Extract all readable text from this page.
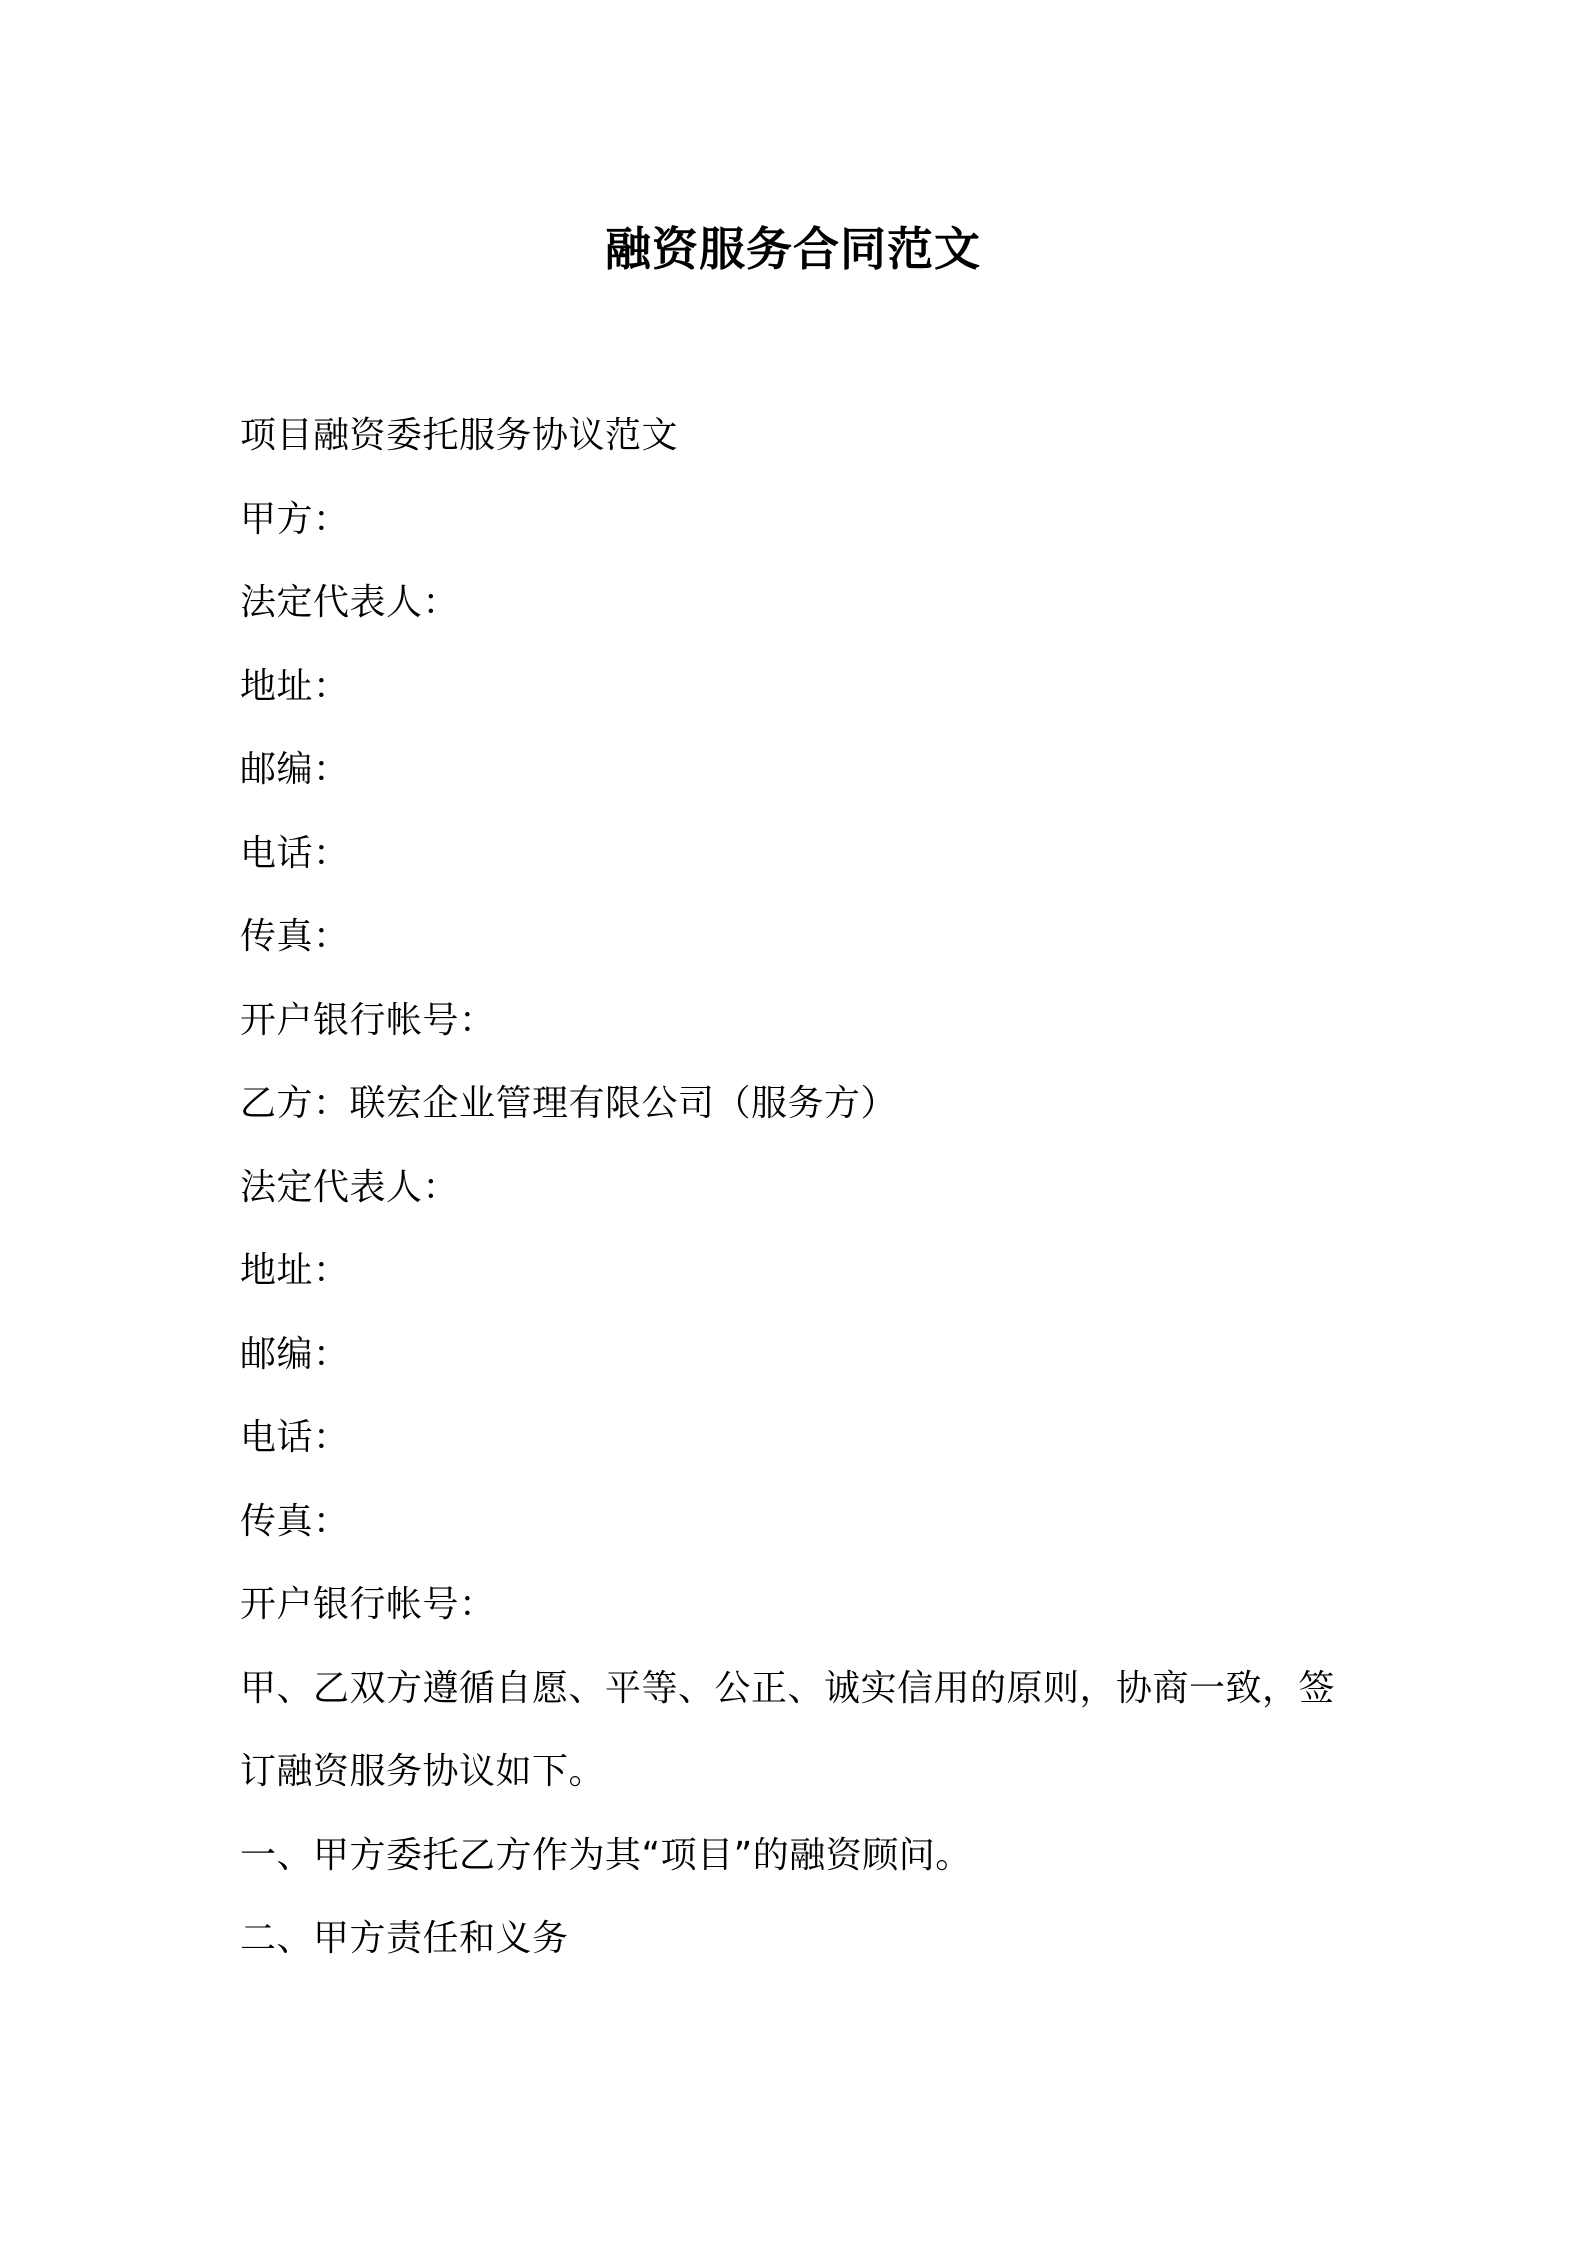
融资服务合同范文
项目融资委托服务协议范文
甲方：
法定代表人：
地址：
邮编：
电话：
传真：
开户银行帐号：
乙方：联宏企业管理有限公司（服务方）
法定代表人：
地址：
邮编：
电话：
传真：
开户银行帐号：
甲、乙双方遵循自愿、平等、公正、诚实信用的原则，协商一致，签
订融资服务协议如下。
一、甲方委托乙方作为其“项目”的融资顾问。
二、甲方责任和义务
